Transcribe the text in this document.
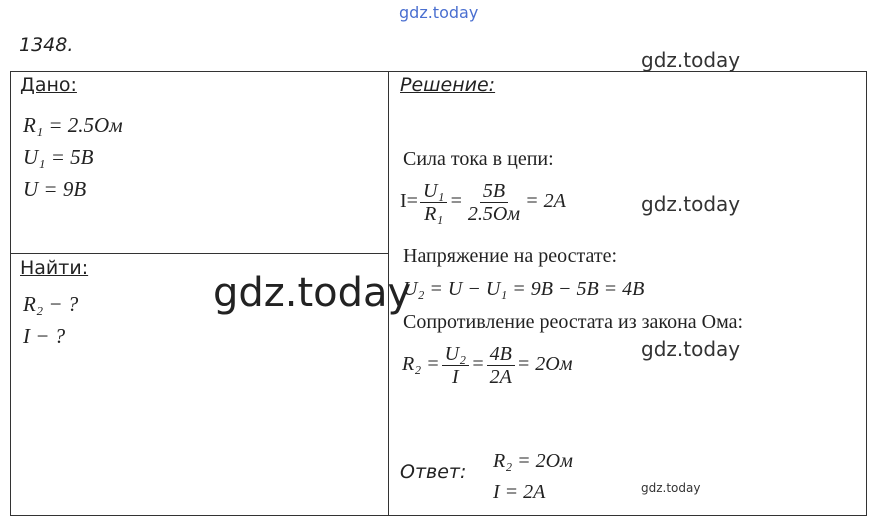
gdz.today
1348.
gdz.today
Дано:
R₁ = 2.5Ом
U₁ = 5В
U = 9В
Найти:
R₂ − ?
I − ?
Решение:
Сила тока в цепи:
$I= \frac{\text{U₁}}{\text{R₁}} = \frac{5В}{2.5Ом} = 2А$	gdz.today
Напряжение на реостате:
U₂ = U − U₁ = 9В − 5В = 4В
Сопротивление реостата из закона Ома:
$R_2 = \frac{\text{U₂}}{I} = \frac{4В}{2А} = 2Ом$
gdz.today
Ответ: R₂ = 2Ом
I = 2А	gdz.today
gdz.today
